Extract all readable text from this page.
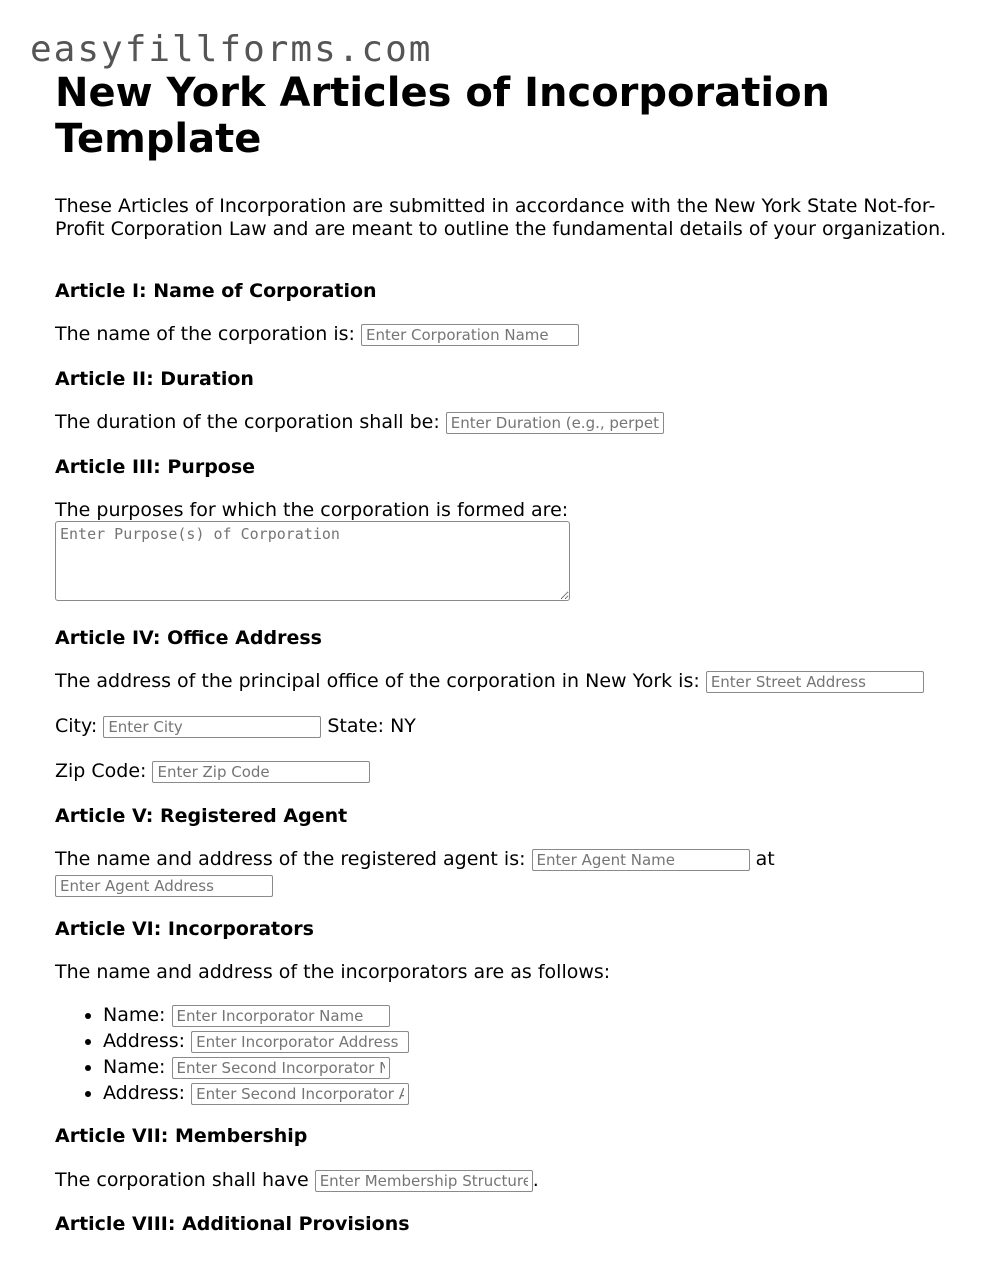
easyfillforms.com
New York Articles of Incorporation Template

These Articles of Incorporation are submitted in accordance with the New York State Not-for-Profit Corporation Law and are meant to outline the fundamental details of your organization.

Article I: Name of Corporation

The name of the corporation is: Enter Corporation Name

Article II: Duration

The duration of the corporation shall be: Enter Duration (e.g., perpetual)

Article III: Purpose

The purposes for which the corporation is formed are:

Enter Purpose(s) of Corporation
Article IV: Office Address

The address of the principal office of the corporation in New York is: Enter Street Address

City: Enter City	State: NY

Zip Code: Enter Zip Code

Article V: Registered Agent

The name and address of the registered agent is: Enter Agent Name	at

Enter Agent Address

Article VI: Incorporators

The name and address of the incorporators are as follows:

• Name: Enter Incorporator Name
• Address: Enter Incorporator Address
• Name: Enter Second Incorporator Name
• Address: Enter Second Incorporator Address
Article VII: Membership

The corporation shall have Enter Membership Structure	.

Article VIII: Additional Provisions
